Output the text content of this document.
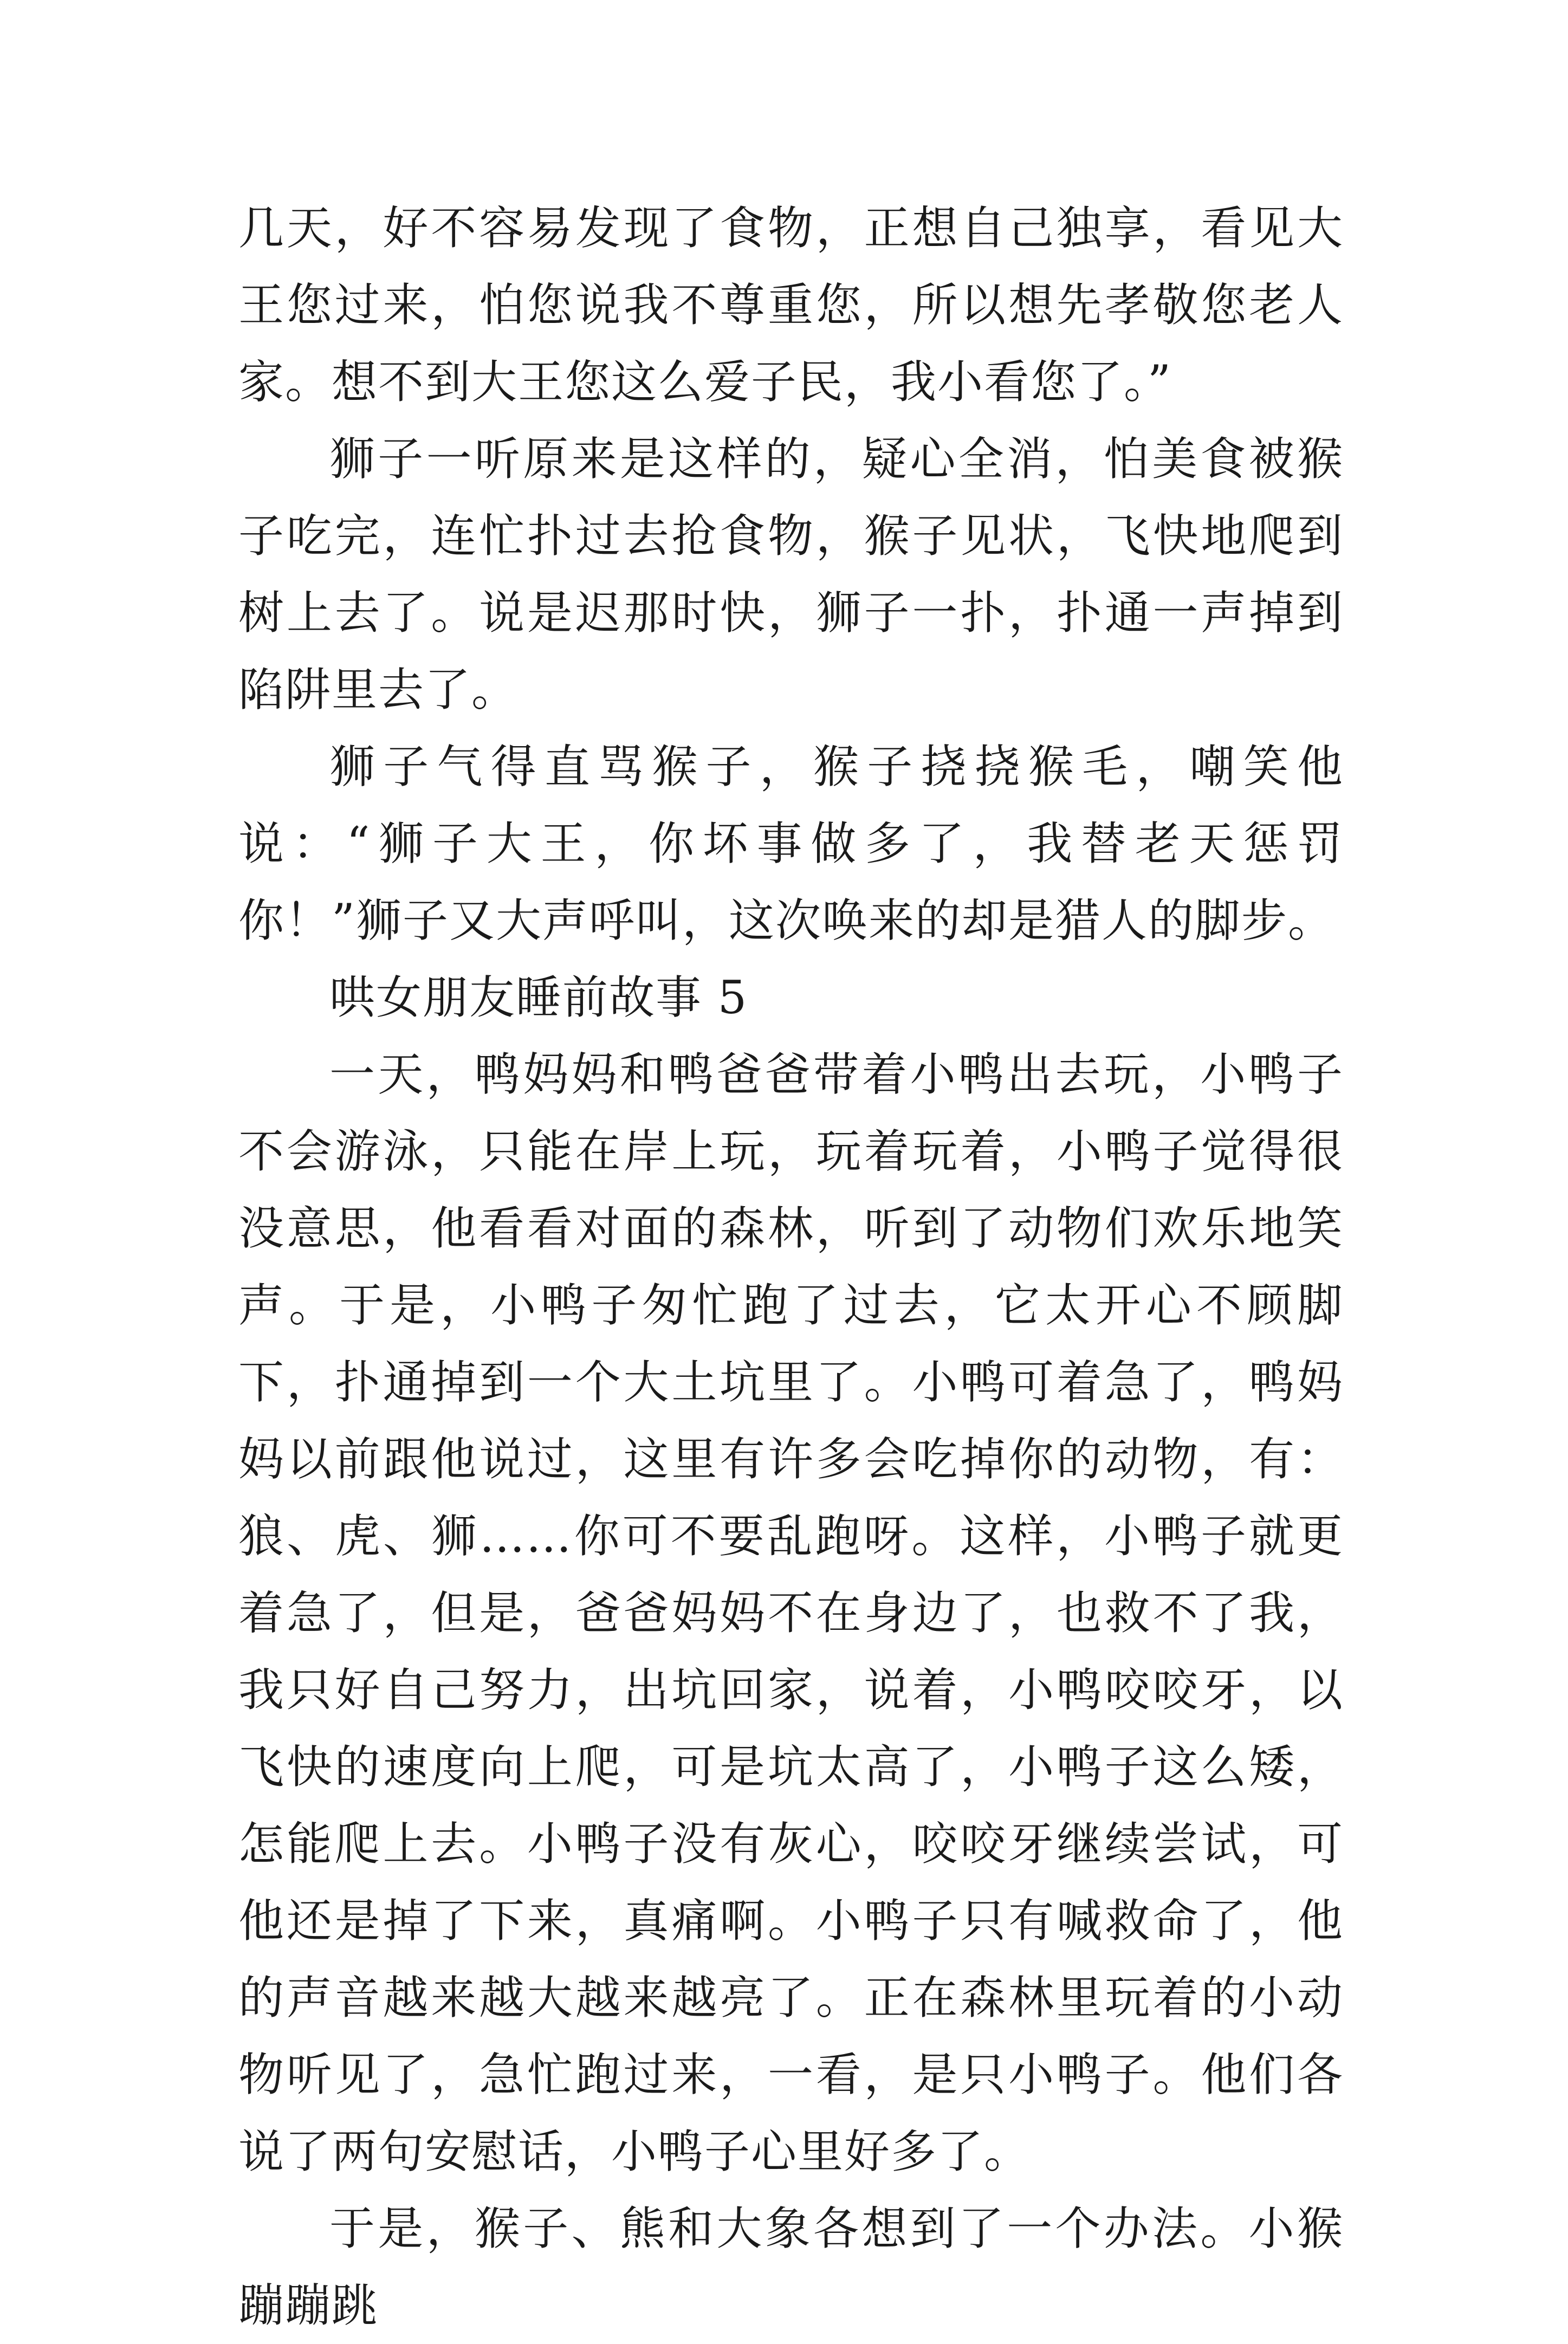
几天，好不容易发现了食物，正想自己独享，看见大王您过来，怕您说我不尊重您，所以想先孝敬您老人家。想不到大王您这么爱子民，我小看您了。”

狮子一听原来是这样的，疑心全消，怕美食被猴子吃完，连忙扑过去抢食物，猴子见状，飞快地爬到树上去了。说是迟那时快，狮子一扑，扑通一声掉到陷阱里去了。

狮子气得直骂猴子，猴子挠挠猴毛，嘲笑他说：“狮子大王，你坏事做多了，我替老天惩罚你！”狮子又大声呼叫，这次唤来的却是猎人的脚步。

哄女朋友睡前故事 5

一天，鸭妈妈和鸭爸爸带着小鸭出去玩，小鸭子不会游泳，只能在岸上玩，玩着玩着，小鸭子觉得很没意思，他看看对面的森林，听到了动物们欢乐地笑声。于是，小鸭子匆忙跑了过去，它太开心不顾脚下，扑通掉到一个大土坑里了。小鸭可着急了，鸭妈妈以前跟他说过，这里有许多会吃掉你的动物，有：狼、虎、狮……你可不要乱跑呀。这样，小鸭子就更着急了，但是，爸爸妈妈不在身边了，也救不了我，我只好自己努力，出坑回家，说着，小鸭咬咬牙，以飞快的速度向上爬，可是坑太高了，小鸭子这么矮，怎能爬上去。小鸭子没有灰心，咬咬牙继续尝试，可他还是掉了下来，真痛啊。小鸭子只有喊救命了，他的声音越来越大越来越亮了。正在森林里玩着的小动物听见了，急忙跑过来，一看，是只小鸭子。他们各说了两句安慰话，小鸭子心里好多了。

于是，猴子、熊和大象各想到了一个办法。小猴蹦蹦跳
